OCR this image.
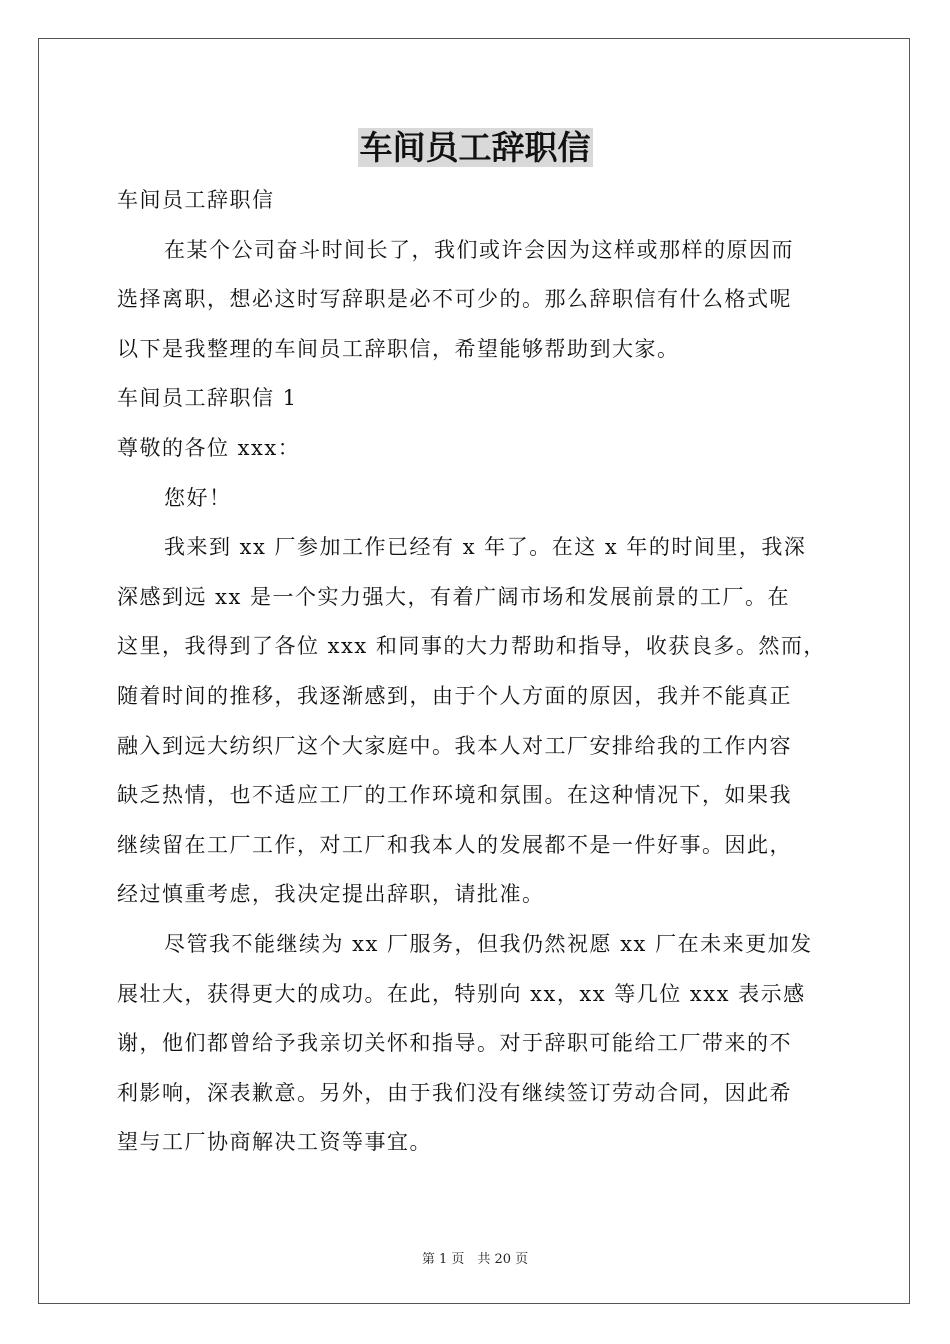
车间员工辞职信
车间员工辞职信
在某个公司奋斗时间长了，我们或许会因为这样或那样的原因而
选择离职，想必这时写辞职是必不可少的。那么辞职信有什么格式呢
以下是我整理的车间员工辞职信，希望能够帮助到大家。
车间员工辞职信 1
尊敬的各位 xxx：
您好！
我来到 xx 厂参加工作已经有 x 年了。在这 x 年的时间里，我深
深感到远 xx 是一个实力强大，有着广阔市场和发展前景的工厂。在
这里，我得到了各位 xxx 和同事的大力帮助和指导，收获良多。然而，
随着时间的推移，我逐渐感到，由于个人方面的原因，我并不能真正
融入到远大纺织厂这个大家庭中。我本人对工厂安排给我的工作内容
缺乏热情，也不适应工厂的工作环境和氛围。在这种情况下，如果我
继续留在工厂工作，对工厂和我本人的发展都不是一件好事。因此，
经过慎重考虑，我决定提出辞职，请批准。
尽管我不能继续为 xx 厂服务，但我仍然祝愿 xx 厂在未来更加发
展壮大，获得更大的成功。在此，特别向 xx，xx 等几位 xxx 表示感
谢，他们都曾给予我亲切关怀和指导。对于辞职可能给工厂带来的不
利影响，深表歉意。另外，由于我们没有继续签订劳动合同，因此希
望与工厂协商解决工资等事宜。
第 1 页　共 20 页
